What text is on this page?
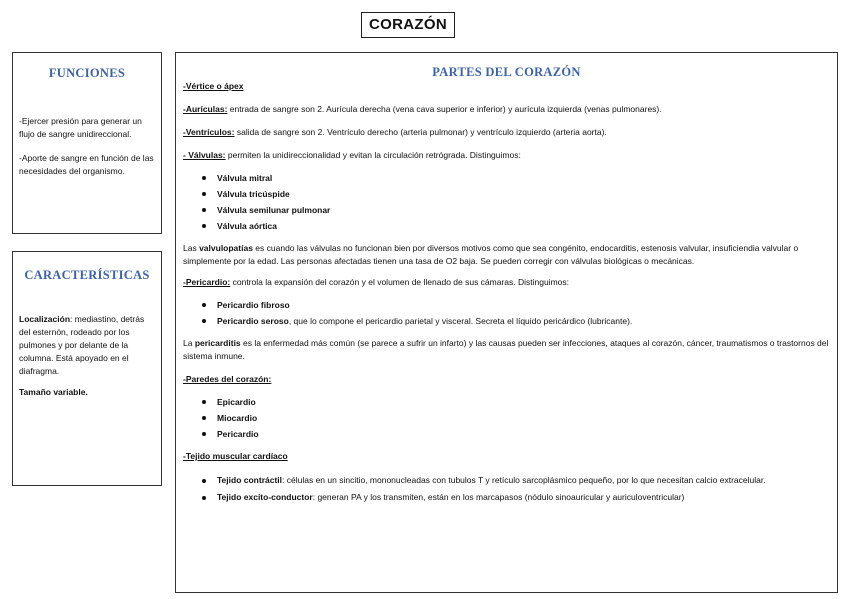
CORAZÓN
FUNCIONES

-Ejercer presión para generar un flujo de sangre unidireccional.

-Aporte de sangre en función de las necesidades del organismo.

CARACTERÍSTICAS

Localización: mediastino, detrás del esternón, rodeado por los pulmones y por delante de la columna. Está apoyado en el diafragma.

Tamaño variable.

PARTES DEL CORAZÓN

-Vértice o ápex

-Aurículas: entrada de sangre son 2. Aurícula derecha (vena cava superior e inferior) y aurícula izquierda (venas pulmonares).

-Ventrículos: salida de sangre son 2. Ventrículo derecho (arteria pulmonar) y ventrículo izquierdo (arteria aorta).

- Válvulas: permiten la unidireccionalidad y evitan la circulación retrógrada. Distinguimos:

Válvula mitral
Válvula tricúspide
Válvula semilunar pulmonar
Válvula aórtica

Las valvulopatías es cuando las válvulas no funcionan bien por diversos motivos como que sea congénito, endocarditis, estenosis valvular, insuficiendia valvular o simplemente por la edad. Las personas afectadas tienen una tasa de O2 baja. Se pueden corregir con válvulas biológicas o mecánicas.

-Pericardio: controla la expansión del corazón y el volumen de llenado de sus cámaras. Distinguimos:

Pericardio fibroso
Pericardio seroso, que lo compone el pericardio parietal y visceral. Secreta el líquido pericárdico (lubricante).

La pericarditis es la enfermedad más común (se parece a sufrir un infarto) y las causas pueden ser infecciones, ataques al corazón, cáncer, traumatismos o trastornos del sistema inmune.

-Paredes del corazón:

Epicardio
Miocardio
Pericardio

-Tejido muscular cardíaco

Tejido contráctil: células en un sincitio, mononucleadas con tubulos T y retículo sarcoplásmico pequeño, por lo que necesitan calcio extracelular.
Tejido excito-conductor: generan PA y los transmiten, están en los marcapasos (nódulo sinoauricular y auriculoventricular)
